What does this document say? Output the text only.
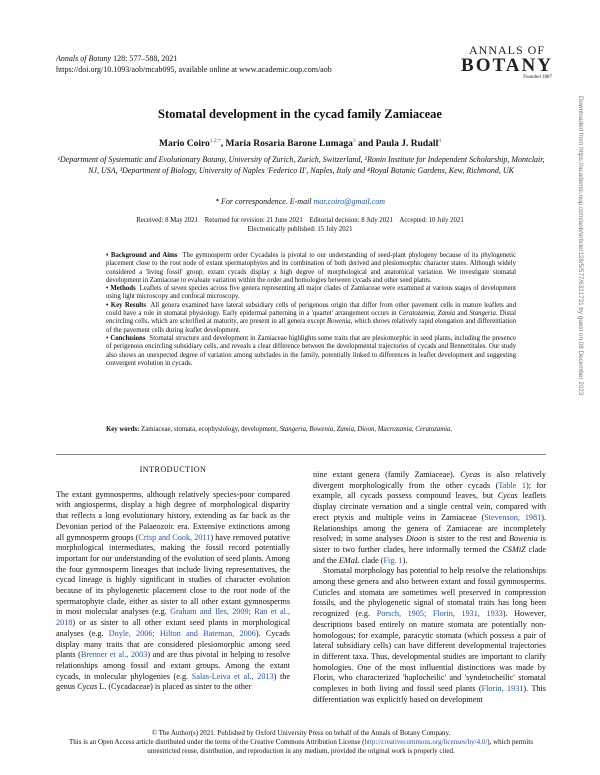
Annals of Botany 128: 577–588, 2021
https://doi.org/10.1093/aob/mcab095, available online at www.academic.oup.com/aob
ANNALS OF
BOTANY
Founded 1887
Stomatal development in the cycad family Zamiaceae
Mario Coiro$^{1,2,*}$, Maria Rosaria Barone Lumaga$^3$ and Paula J. Rudall$^4$
¹Department of Systematic and Evolutionary Botany, University of Zurich, Zurich, Switzerland, ²Ronin Institute for Independent Scholarship, Montclair, NJ, USA, ³Department of Biology, University of Naples 'Federico II', Naples, Italy and ⁴Royal Botanic Gardens, Kew, Richmond, UK
* For correspondence. E-mail mar.coiro@gmail.com
Received: 8 May 2021    Returned for revision: 21 June 2021    Editorial decision: 8 July 2021    Accepted: 10 July 2021
Electronically published: 15 July 2021

• Background and Aims The gymnosperm order Cycadales is pivotal to our understanding of seed-plant phylogeny because of its phylogenetic placement close to the root node of extant spermatophytes and its combination of both derived and plesiomorphic character states. Although widely considered a 'living fossil' group, extant cycads display a high degree of morphological and anatomical variation. We investigate stomatal development in Zamiaceae to evaluate variation within the order and homologies between cycads and other seed plants.

• Methods Leaflets of seven species across five genera representing all major clades of Zamiaceae were examined at various stages of development using light microscopy and confocal microscopy.

• Key Results All genera examined have lateral subsidiary cells of perigenous origin that differ from other pavement cells in mature leaflets and could have a role in stomatal physiology. Early epidermal patterning in a 'quartet' arrangement occurs in Ceratozamia, Zamia and Stangeria. Distal encircling cells, which are sclerified at maturity, are present in all genera except Bowenia, which shows relatively rapid elongation and differentiation of the pavement cells during leaflet development.

• Conclusions Stomatal structure and development in Zamiaceae highlights some traits that are plesiomorphic in seed plants, including the presence of perigenous encircling subsidiary cells, and reveals a clear difference between the developmental trajectories of cycads and Bennettitales. Our study also shows an unexpected degree of variation among subclades in the family, potentially linked to differences in leaflet development and suggesting convergent evolution in cycads.

Key words: Zamiaceae, stomata, ecophysiology, development, Stangeria, Bowenia, Zamia, Dioon, Macrozamia, Ceratozamia.
INTRODUCTION
The extant gymnosperms, although relatively species-poor compared with angiosperms, display a high degree of morphological disparity that reflects a long evolutionary history, extending as far back as the Devonian period of the Palaeozoic era. Extensive extinctions among all gymnosperm groups (Crisp and Cook, 2011) have removed putative morphological intermediates, making the fossil record potentially important for our understanding of the evolution of seed plants. Among the four gymnosperm lineages that include living representatives, the cycad lineage is highly significant in studies of character evolution because of its phylogenetic placement close to the root node of the spermatophyte clade, either as sister to all other extant gymnosperms in most molecular analyses (e.g. Graham and Iles, 2009; Ran et al., 2018) or as sister to all other extant seed plants in morphological analyses (e.g. Doyle, 2006; Hilton and Bateman, 2006). Cycads display many traits that are considered plesiomorphic among seed plants (Brenner et al., 2003) and are thus pivotal in helping to resolve relationships among fossil and extant groups. Among the extant cycads, in molecular phylogenies (e.g. Salas-Leiva et al., 2013) the genus Cycas L. (Cycadaceae) is placed as sister to the other
nine extant genera (family Zamiaceae). Cycas is also relatively divergent morphologically from the other cycads (Table 1); for example, all cycads possess compound leaves, but Cycas leaflets display circinate vernation and a single central vein, compared with erect ptyxis and multiple veins in Zamiaceae (Stevenson, 1981). Relationships among the genera of Zamiaceae are incompletely resolved; in some analyses Dioon is sister to the rest and Bowenia is sister to two further clades, here informally termed the CSMiZ clade and the EMaL clade (Fig. 1).
Stomatal morphology has potential to help resolve the relationships among these genera and also between extant and fossil gymnosperms. Cuticles and stomata are sometimes well preserved in compression fossils, and the phylogenetic signal of stomatal traits has long been recognized (e.g. Porsch, 1905; Florin, 1931, 1933). However, descriptions based entirely on mature stomata are potentially non-homologous; for example, paracytic stomata (which possess a pair of lateral subsidiary cells) can have different developmental trajectories in different taxa. Thus, developmental studies are important to clarify homologies. One of the most influential distinctions was made by Florin, who characterized 'haplocheilic' and 'syndetocheilic' stomatal complexes in both living and fossil seed plants (Florin, 1931). This differentiation was explicitly based on development
Downloaded from https://academic.oup.com/aob/article/128/5/577/6321731 by guest on 08 December 2023
© The Author(s) 2021. Published by Oxford University Press on behalf of the Annals of Botany Company.
This is an Open Access article distributed under the terms of the Creative Commons Attribution License (http://creativecommons.org/licenses/by/4.0/), which permits unrestricted reuse, distribution, and reproduction in any medium, provided the original work is properly cited.
